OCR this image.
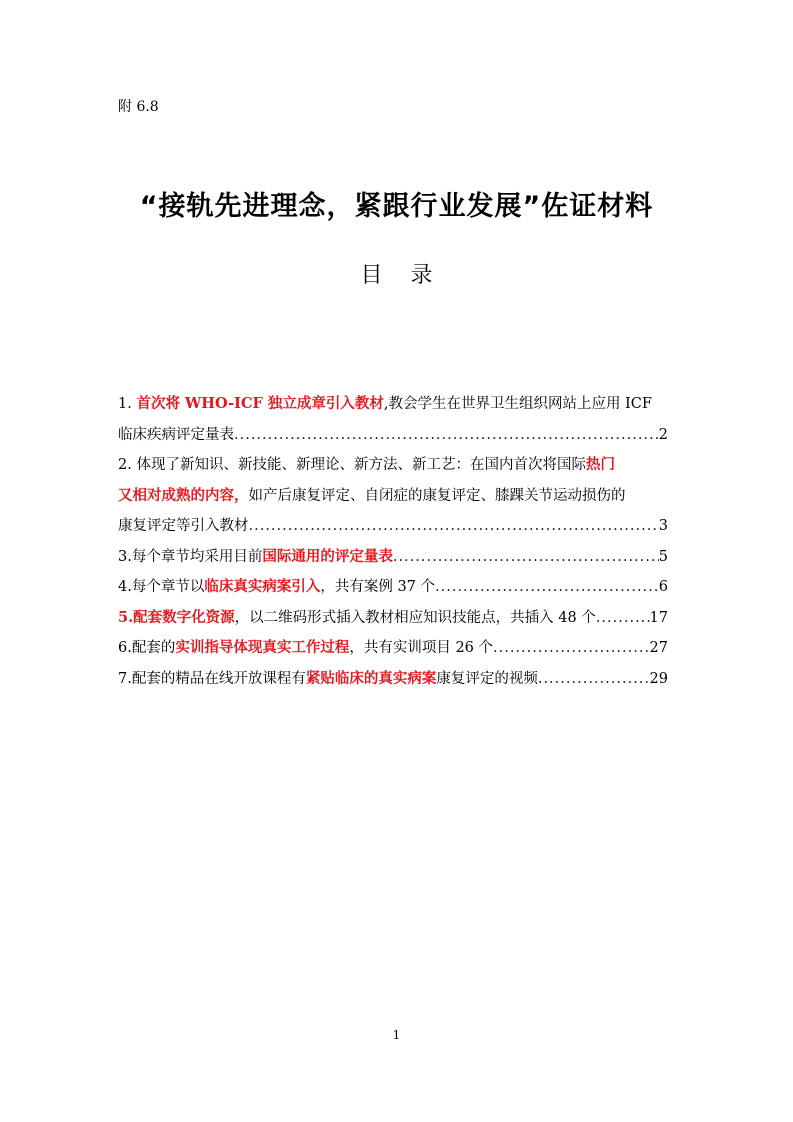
附 6.8
“接轨先进理念，紧跟行业发展”佐证材料
目 录
1. 首次将 WHO-ICF 独立成章引入教材,教会学生在世界卫生组织网站上应用 ICF
临床疾病评定量表 .....	2
2. 体现了新知识、新技能、新理论、新方法、新工艺：在国内首次将国际热门
又相对成熟的内容，如产后康复评定、自闭症的康复评定、膝踝关节运动损伤的
康复评定等引入教材 .....	3
3.每个章节均采用目前国际通用的评定量表 .....	5
4.每个章节以临床真实病案引入，共有案例 37 个 .....	6
5.配套数字化资源，以二维码形式插入教材相应知识技能点，共插入 48 个 .....	17
6.配套的实训指导体现真实工作过程，共有实训项目 26 个 .....	27
7.配套的精品在线开放课程有紧贴临床的真实病案康复评定的视频 .....	29
1
